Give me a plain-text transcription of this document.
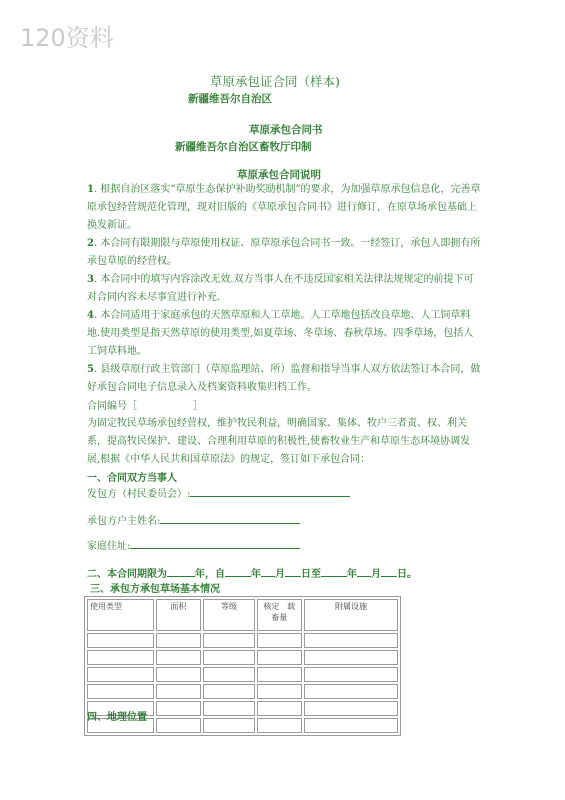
120资料
草原承包证合同（样本)
新疆维吾尔自治区
草原承包合同书
新疆维吾尔自治区畜牧厅印制
草原承包合同说明
1. 根据自治区落实“草原生态保护补助奖励机制”的要求，为加强草原承包信息化，完善草原承包经营规范化管理，现对旧版的《草原承包合同书》进行修订，在原草场承包基础上换发新证。
2. 本合同有限期限与草原使用权证、原草原承包合同书一致。一经签订，承包人即拥有所承包草原的经营权。
3. 本合同中的填写内容涂改无效.双方当事人在不违反国家相关法律法规规定的前提下可对合同内容未尽事宜进行补充.
4. 本合同适用于家庭承包的天然草原和人工草地。人工草地包括改良草地、人工饲草料地.使用类型是指天然草原的使用类型,如夏草场、冬草场、春秋草场、四季草场，包括人工饲草料地。
5. 县级草原行政主管部门（草原监理站、所）监督和指导当事人双方依法签订本合同，做好承包合同电子信息录入及档案资料收集归档工作。
合同编号［	］
为固定牧民草场承包经营权，维护牧民利益，明确国家、集体、牧户三者责、权、利关系，提高牧民保护、建设、合理利用草原的积极性,使畜牧业生产和草原生态环境协调发展,根据《中华人民共和国草原法》的规定，签订如下承包合同：
一、合同双方当事人
发包方（村民委员会）:
承包方户主姓名:
家庭住址:
二、本合同期限为	年，自	年 月 日至	年 月 日。
三、承包方承包草场基本情况
使用类型	面积	等级	核定　载畜量	附属设施

四、地理位置
